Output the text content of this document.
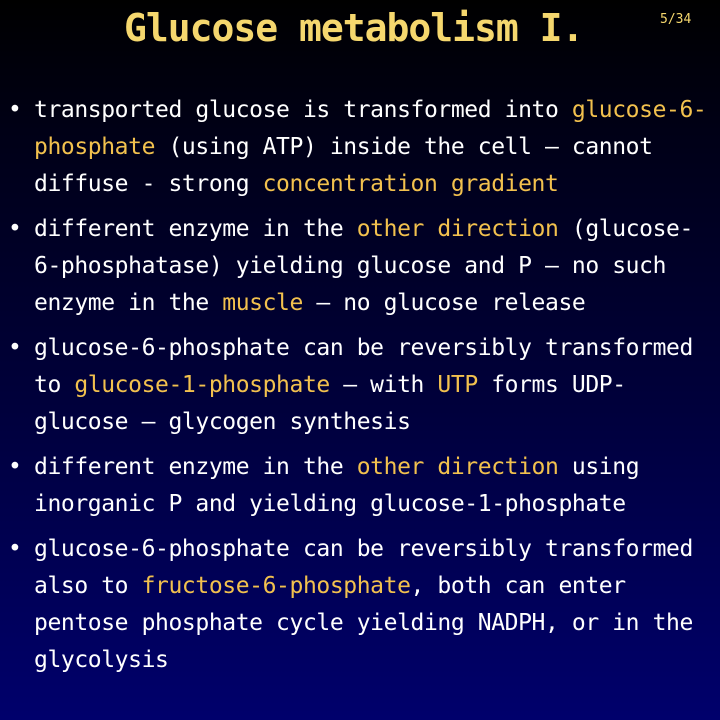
Glucose metabolism I.	5/34
• transported glucose is transformed into glucose-6-phosphate (using ATP) inside the cell – cannot diffuse - strong concentration gradient
• different enzyme in the other direction (glucose-6-phosphatase) yielding glucose and P – no such enzyme in the muscle – no glucose release
• glucose-6-phosphate can be reversibly transformed to glucose-1-phosphate – with UTP forms UDP-glucose – glycogen synthesis
• different enzyme in the other direction using inorganic P and yielding glucose-1-phosphate
• glucose-6-phosphate can be reversibly transformed also to fructose-6-phosphate, both can enter pentose phosphate cycle yielding NADPH, or in the glycolysis
